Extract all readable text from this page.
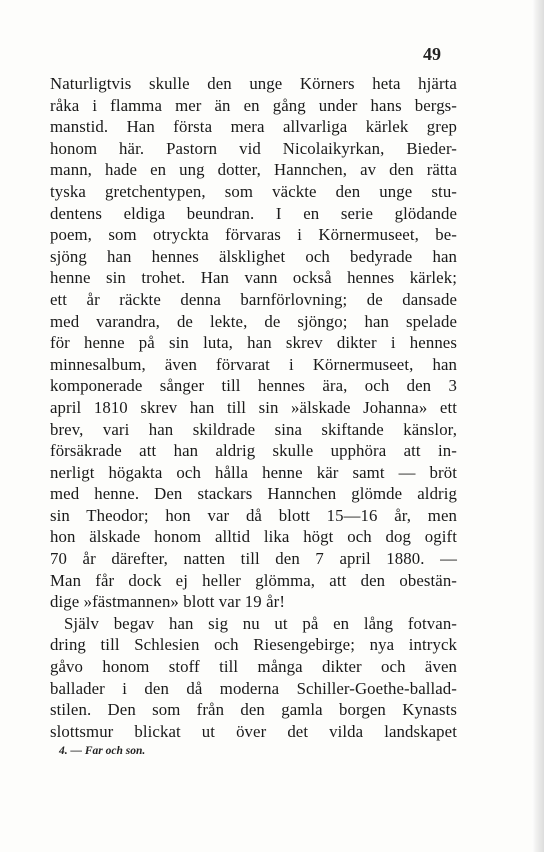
49
Naturligtvis skulle den unge Körners heta hjärta
råka i flamma mer än en gång under hans bergs-
manstid. Han första mera allvarliga kärlek grep
honom här. Pastorn vid Nicolaikyrkan, Bieder-
mann, hade en ung dotter, Hannchen, av den rätta
tyska gretchentypen, som väckte den unge stu-
dentens eldiga beundran. I en serie glödande
poem, som otryckta förvaras i Körnermuseet, be-
sjöng han hennes älsklighet och bedyrade han
henne sin trohet. Han vann också hennes kärlek;
ett år räckte denna barnförlovning; de dansade
med varandra, de lekte, de sjöngo; han spelade
för henne på sin luta, han skrev dikter i hennes
minnesalbum, även förvarat i Körnermuseet, han
komponerade sånger till hennes ära, och den 3
april 1810 skrev han till sin »älskade Johanna» ett
brev, vari han skildrade sina skiftande känslor,
försäkrade att han aldrig skulle upphöra att in-
nerligt högakta och hålla henne kär samt — bröt
med henne. Den stackars Hannchen glömde aldrig
sin Theodor; hon var då blott 15—16 år, men
hon älskade honom alltid lika högt och dog ogift
70 år därefter, natten till den 7 april 1880. —
Man får dock ej heller glömma, att den obestän-
dige »fästmannen» blott var 19 år!
Själv begav han sig nu ut på en lång fotvan-
dring till Schlesien och Riesengebirge; nya intryck
gåvo honom stoff till många dikter och även
ballader i den då moderna Schiller-Goethe-ballad-
stilen. Den som från den gamla borgen Kynasts
slottsmur blickat ut över det vilda landskapet
4. — Far och son.
